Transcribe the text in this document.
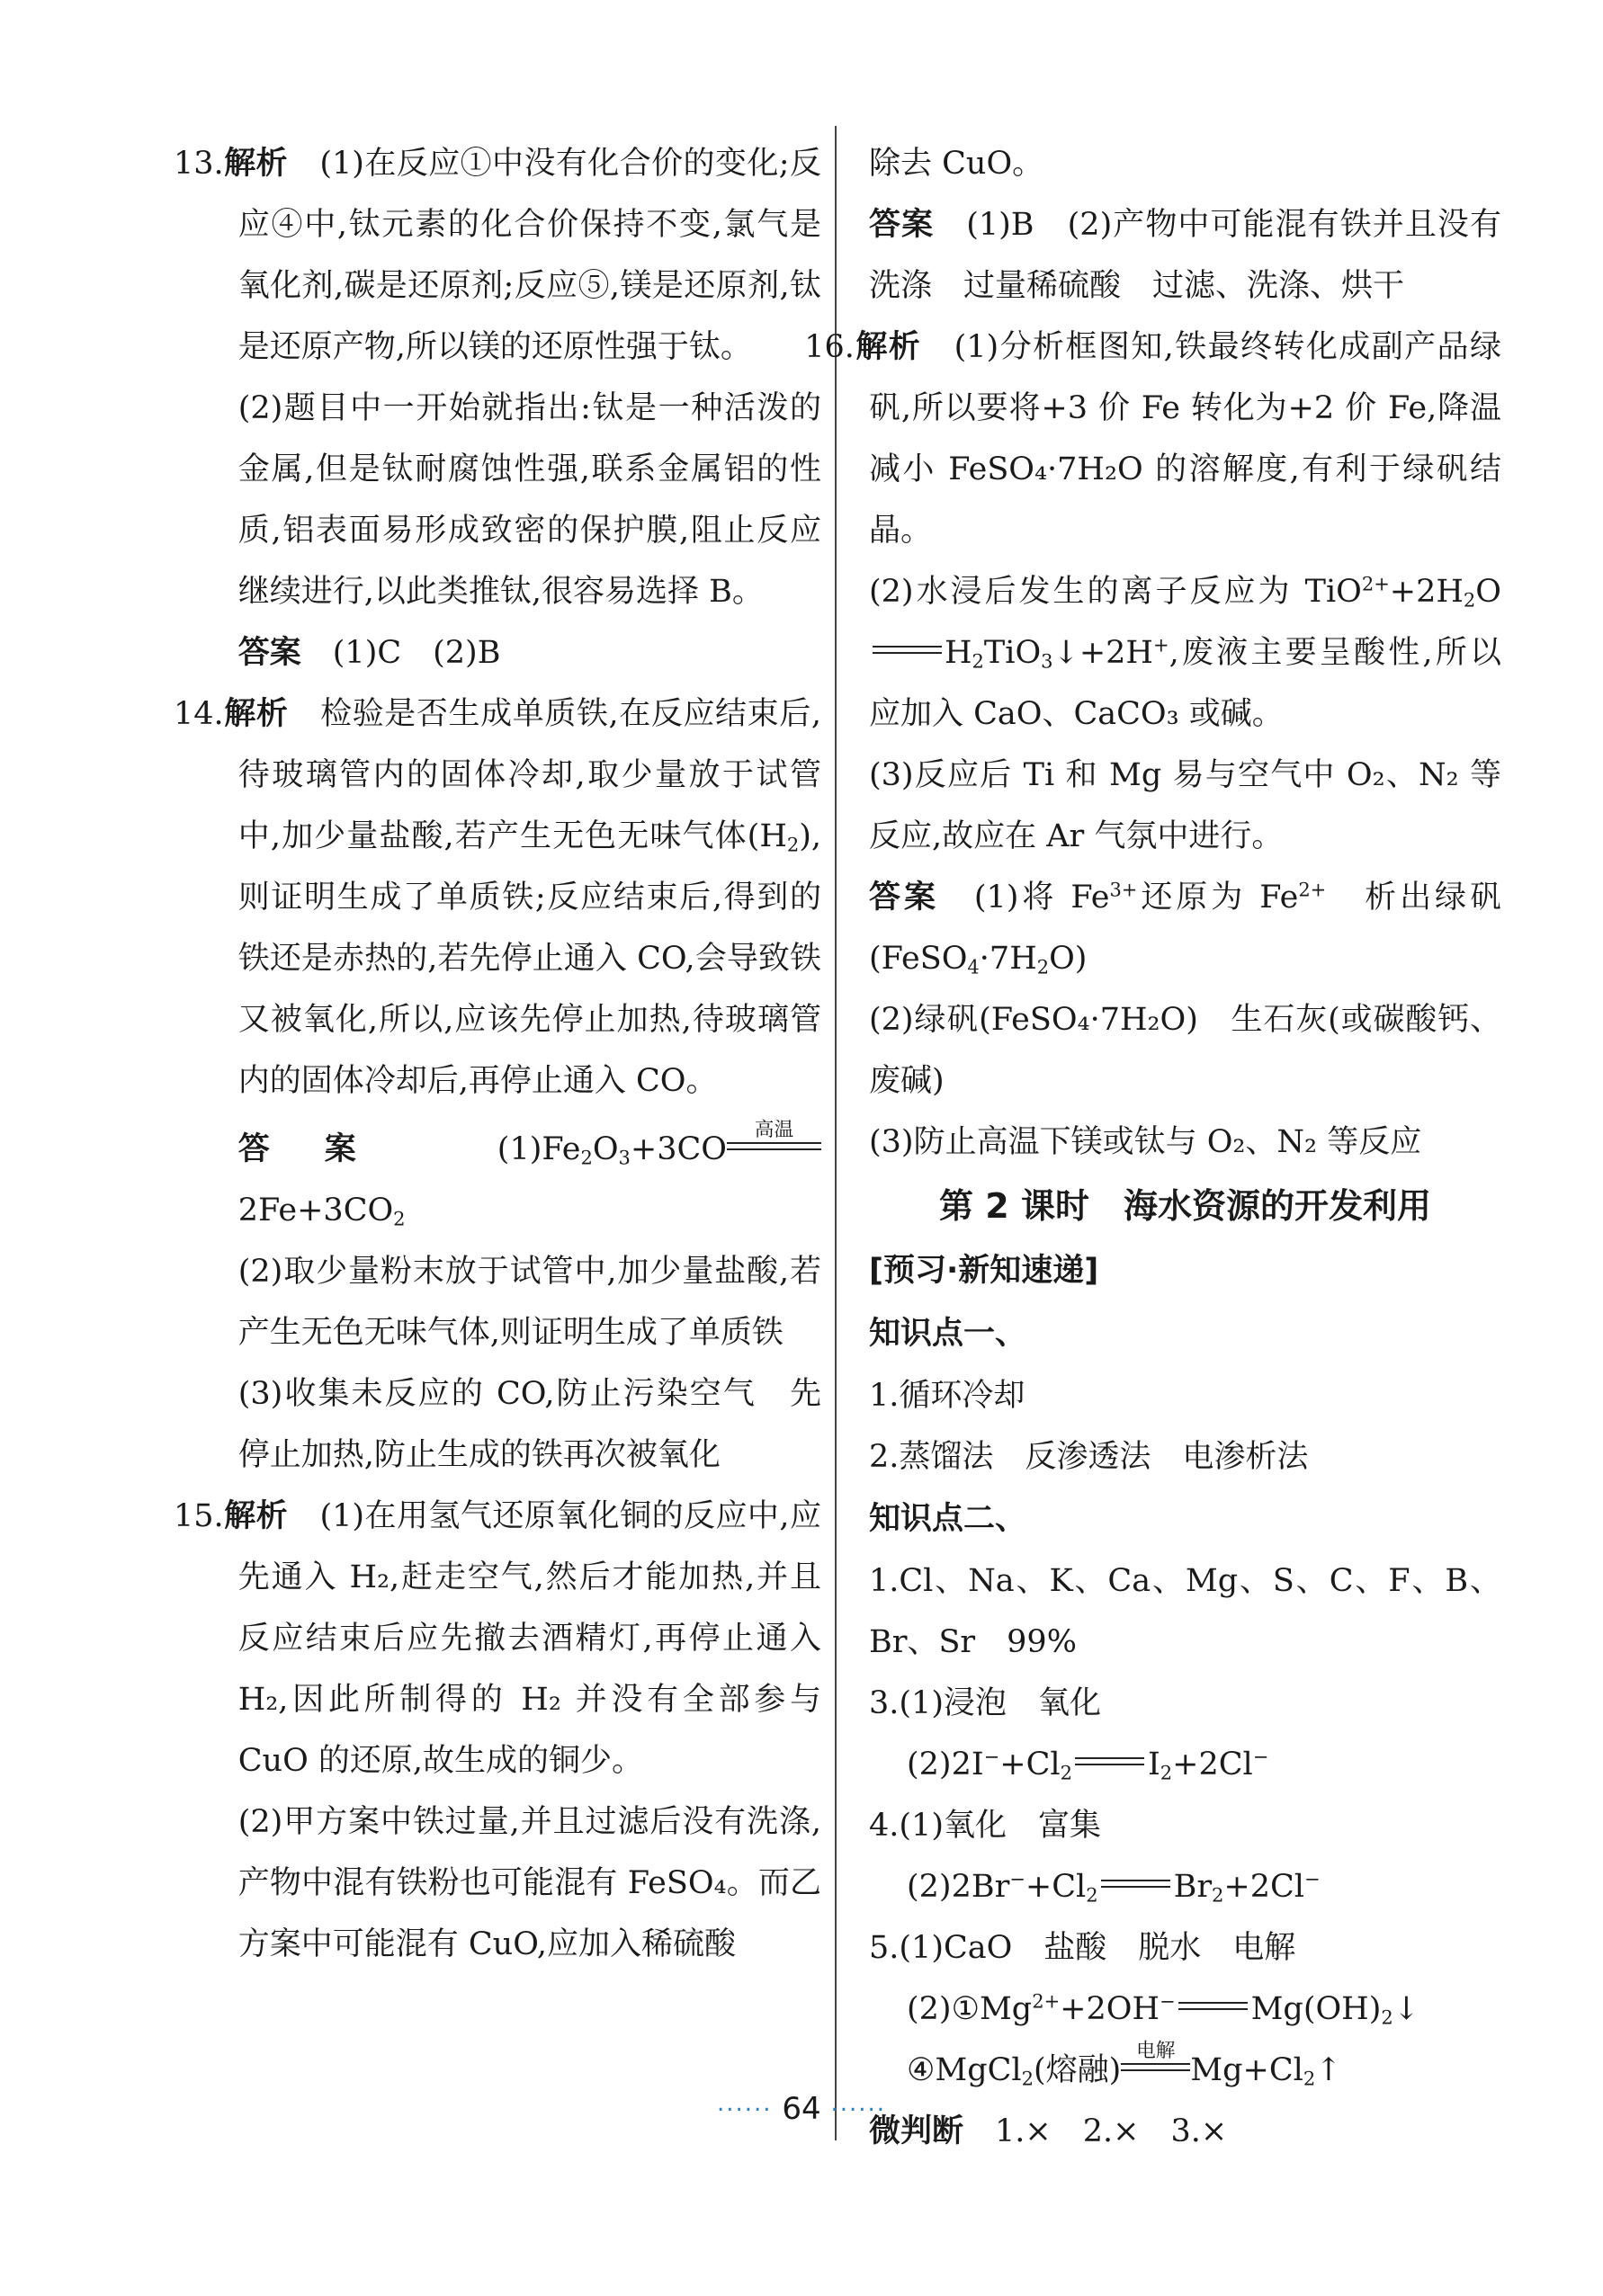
13.解析　 (1)在反应①中没有化合价的变化;反应④中,钛元素的化合价保持不变,氯气是氧化剂,碳是还原剂;反应⑤,镁是还原剂,钛是还原产物,所以镁的还原性强于钛。

(2)题目中一开始就指出:钛是一种活泼的金属,但是钛耐腐蚀性强,联系金属铝的性质,铝表面易形成致密的保护膜,阻止反应继续进行,以此类推钛,很容易选择 B。

答案　 (1)C　(2)B

14.解析　 检验是否生成单质铁,在反应结束后,待玻璃管内的固体冷却,取少量放于试管中,加少量盐酸,若产生无色无味气体$(H_2)$,则证明生成了单质铁;反应结束后,得到的铁还是赤热的,若先停止通入 CO,会导致铁又被氧化,所以,应该先停止加热,待玻璃管内的固体冷却后,再停止通入 CO。

答案　$(1)Fe_2O_3+3CO$
高温
$2Fe+3CO_2$

(2)取少量粉末放于试管中,加少量盐酸,若产生无色无味气体,则证明生成了单质铁

(3)收集未反应的 CO,防止污染空气　先停止加热,防止生成的铁再次被氧化

15.解析　 (1)在用氢气还原氧化铜的反应中,应先通入 H₂,赶走空气,然后才能加热,并且反应结束后应先撤去酒精灯,再停止通入 H₂,因此所制得的 H₂ 并没有全部参与 CuO 的还原,故生成的铜少。

(2)甲方案中铁过量,并且过滤后没有洗涤,产物中混有铁粉也可能混有 FeSO₄。而乙方案中可能混有 CuO,应加入稀硫酸

除去 CuO。

答案　 (1)B　(2)产物中可能混有铁并且没有洗涤　过量稀硫酸　过滤、洗涤、烘干

16.解析　 (1)分析框图知,铁最终转化成副产品绿矾,所以要将+3 价 Fe 转化为+2 价 Fe,降温减小 FeSO₄·7H₂O 的溶解度,有利于绿矾结晶。

(2)水浸后发生的离子反应为 $TiO^{2+}+2H_2OH_2TiO_3↓+2H^+$,废液主要呈酸性,所以应加入 CaO、CaCO₃ 或碱。

(3)反应后 Ti 和 Mg 易与空气中 O₂、N₂ 等反应,故应在 Ar 气氛中进行。

答案　(1)将 $Fe^{3+}$还原为 $Fe^{2+}$　析出绿矾$(FeSO_4\cdot 7H_2O)$

(2)绿矾(FeSO₄·7H₂O)　生石灰(或碳酸钙、废碱)

(3)防止高温下镁或钛与 O₂、N₂ 等反应

第 2 课时　海水资源的开发利用
[预习·新知速递]
知识点一、

1.循环冷却

2.蒸馏法　反渗透法　电渗析法

知识点二、

1.Cl、Na、K、Ca、Mg、S、C、F、B、Br、Sr　99%

3.(1)浸泡　氧化

$(2)2I^-+Cl_2$ $I_2+2Cl^-$

4.(1)氧化　富集

$(2)2Br^-+Cl_2$ $Br_2+2Cl^-$

5.(1)CaO　盐酸　脱水　电解

$(2)①Mg^{2+}+2OH^-$ $Mg(OH)_2↓$

④MgCl$_2$(熔融)
电解
$Mg+Cl_2↑$

微判断　 1.×　2.×　3.×

······ 64 ······
